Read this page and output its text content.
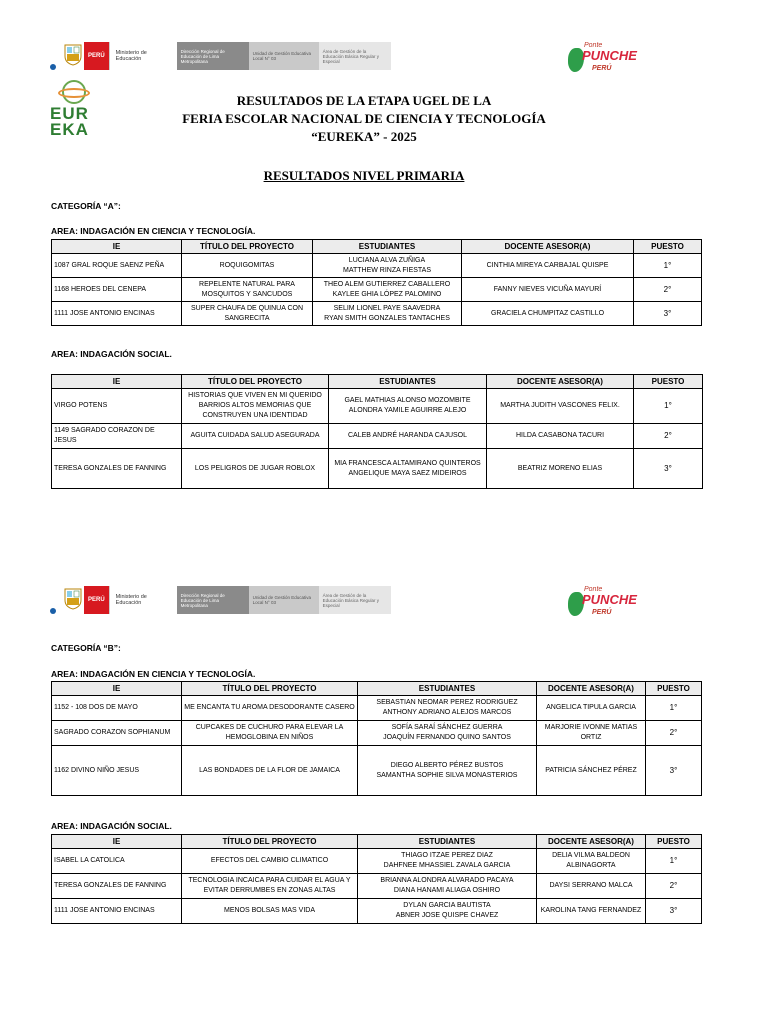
PERÚ	Ministerio de Educación
Dirección Regional de Educación de Lima Metropolitana
Unidad de Gestión Educativa Local N° 03
Área de Gestión de la Educación Básica Regular y Especial
Ponte
PUNCHE
PERÚ
EUR
EKA
RESULTADOS DE LA ETAPA UGEL DE LA
FERIA ESCOLAR NACIONAL DE CIENCIA Y TECNOLOGÍA
“EUREKA” - 2025
RESULTADOS NIVEL PRIMARIA
CATEGORÍA “A”:
AREA: INDAGACIÓN EN CIENCIA Y TECNOLOGÍA.
IE	TÍTULO DEL PROYECTO	ESTUDIANTES	DOCENTE ASESOR(A)	PUESTO
1087 GRAL ROQUE SAENZ PEÑA	ROQUIGOMITAS	LUCIANA ALVA ZUÑIGA
MATTHEW RINZA FIESTAS	CINTHIA MIREYA CARBAJAL QUISPE	1°
1168 HEROES DEL CENEPA	REPELENTE NATURAL PARA MOSQUITOS Y SANCUDOS	THEO ALEM GUTIERREZ CABALLERO
KAYLEE GHIA LÓPEZ PALOMINO	FANNY NIEVES VICUÑA MAYURÍ	2°
1111 JOSE ANTONIO ENCINAS	SUPER CHAUFA DE QUINUA CON SANGRECITA	SELIM LIONEL PAYE SAAVEDRA
RYAN SMITH GONZALES TANTACHES	GRACIELA CHUMPITAZ CASTILLO	3°
AREA: INDAGACIÓN SOCIAL.
IE	TÍTULO DEL PROYECTO	ESTUDIANTES	DOCENTE ASESOR(A)	PUESTO
VIRGO POTENS	HISTORIAS QUE VIVEN EN MI QUERIDO BARRIOS ALTOS MEMORIAS QUE CONSTRUYEN UNA IDENTIDAD	GAEL MATHIAS ALONSO MOZOMBITE
ALONDRA YAMILE AGUIRRE ALEJO	MARTHA JUDITH VASCONES FELIX.	1°
1149 SAGRADO CORAZON DE JESUS	AGUITA CUIDADA SALUD ASEGURADA	CALEB ANDRÉ HARANDA CAJUSOL	HILDA CASABONA TACURI	2°
TERESA GONZALES DE FANNING	LOS PELIGROS DE JUGAR ROBLOX	MIA FRANCESCA ALTAMIRANO QUINTEROS
ANGELIQUE MAYA SAEZ MIDEIROS	BEATRIZ MORENO ELIAS	3°
PERÚ	Ministerio de Educación
Dirección Regional de Educación de Lima Metropolitana
Unidad de Gestión Educativa Local N° 03
Área de Gestión de la Educación Básica Regular y Especial
Ponte
PUNCHE
PERÚ
CATEGORÍA “B”:
AREA: INDAGACIÓN EN CIENCIA Y TECNOLOGÍA.
IE	TÍTULO DEL PROYECTO	ESTUDIANTES	DOCENTE ASESOR(A)	PUESTO
1152 - 108 DOS DE MAYO	ME ENCANTA TU AROMA DESODORANTE CASERO	SEBASTIAN NEOMAR PEREZ RODRIGUEZ
ANTHONY ADRIANO ALEJOS MARCOS	ANGELICA TIPULA GARCIA	1°
SAGRADO CORAZON SOPHIANUM	CUPCAKES DE CUCHURO PARA ELEVAR LA HEMOGLOBINA EN NIÑOS	SOFÍA SARAÍ SÁNCHEZ GUERRA
JOAQUÍN FERNANDO QUINO SANTOS	MARJORIE IVONNE MATIAS ORTIZ	2°
1162 DIVINO NIÑO JESUS	LAS BONDADES DE LA FLOR DE JAMAICA	DIEGO ALBERTO PÉREZ BUSTOS
SAMANTHA SOPHIE SILVA MONASTERIOS	PATRICIA SÁNCHEZ PÉREZ	3°
AREA: INDAGACIÓN SOCIAL.
IE	TÍTULO DEL PROYECTO	ESTUDIANTES	DOCENTE ASESOR(A)	PUESTO
ISABEL LA CATOLICA	EFECTOS DEL CAMBIO CLIMATICO	THIAGO ITZAE PEREZ DIAZ
DAHFNEE MHASSIEL ZAVALA GARCIA	DELIA VILMA BALDEON ALBINAGORTA	1°
TERESA GONZALES DE FANNING	TECNOLOGIA INCAICA PARA CUIDAR EL AGUA Y EVITAR DERRUMBES EN ZONAS ALTAS	BRIANNA ALONDRA ALVARADO PACAYA
DIANA HANAMI ALIAGA OSHIRO	DAYSI SERRANO MALCA	2°
1111 JOSE ANTONIO ENCINAS	MENOS BOLSAS MAS VIDA	DYLAN GARCIA BAUTISTA
ABNER JOSE QUISPE CHAVEZ	KAROLINA TANG FERNANDEZ	3°
